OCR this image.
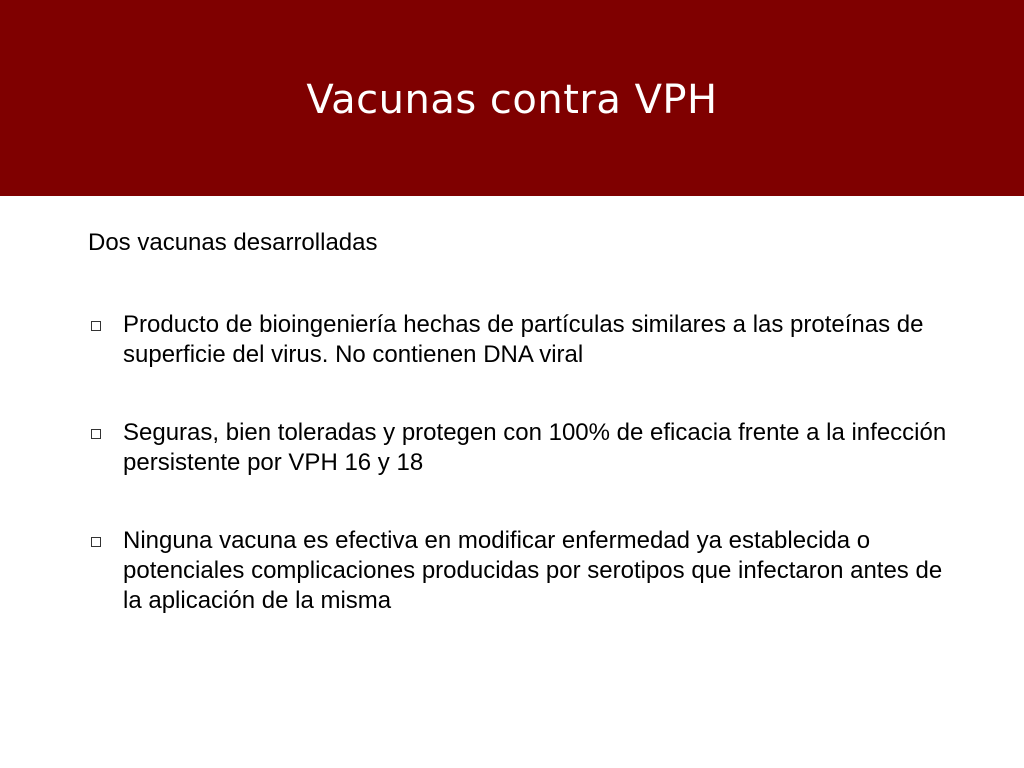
Vacunas contra VPH

Dos vacunas desarrolladas

Producto de bioingeniería hechas de partículas similares a las proteínas de superficie del virus. No contienen DNA viral
Seguras, bien toleradas y protegen con 100% de eficacia frente a la infección persistente por VPH 16 y 18
Ninguna vacuna es efectiva en modificar enfermedad ya establecida o potenciales complicaciones producidas por serotipos que infectaron antes de la aplicación de la misma
